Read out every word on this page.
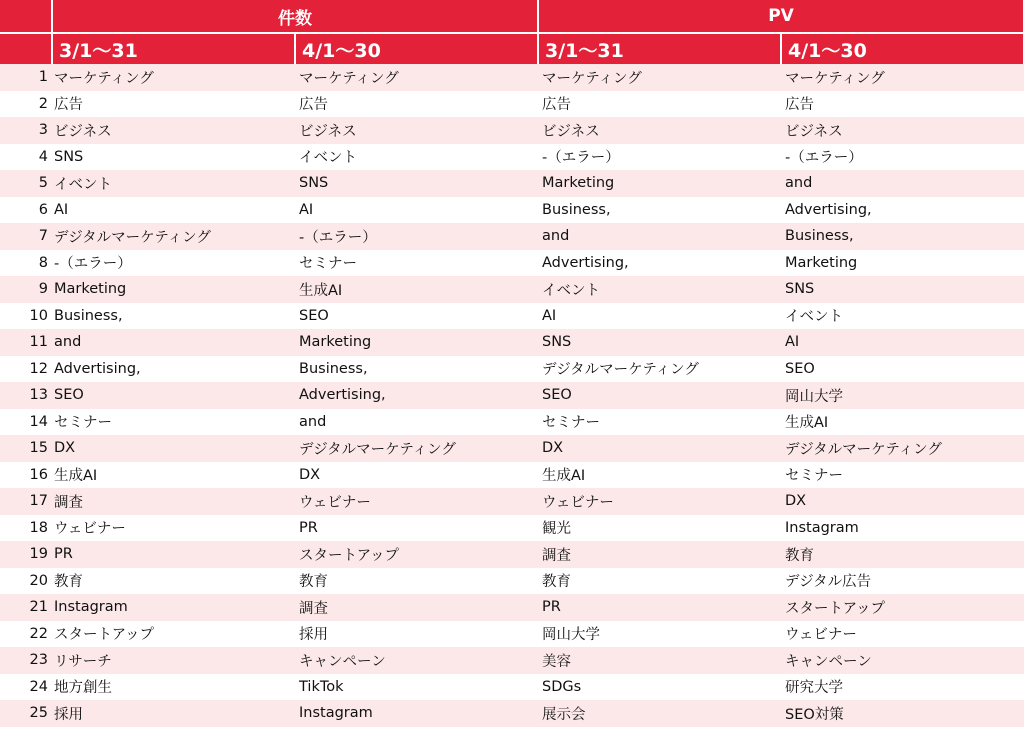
	件数		PV	
	3/1～31	4/1～30	3/1～31	4/1～30
1	マーケティング	マーケティング	マーケティング	マーケティング
2	広告	広告	広告	広告
3	ビジネス	ビジネス	ビジネス	ビジネス
4	SNS	イベント	-（エラー）	-（エラー）
5	イベント	SNS	Marketing	and
6	AI	AI	Business,	Advertising,
7	デジタルマーケティング	-（エラー）	and	Business,
8	-（エラー）	セミナー	Advertising,	Marketing
9	Marketing	生成AI	イベント	SNS
10	Business,	SEO	AI	イベント
11	and	Marketing	SNS	AI
12	Advertising,	Business,	デジタルマーケティング	SEO
13	SEO	Advertising,	SEO	岡山大学
14	セミナー	and	セミナー	生成AI
15	DX	デジタルマーケティング	DX	デジタルマーケティング
16	生成AI	DX	生成AI	セミナー
17	調査	ウェビナー	ウェビナー	DX
18	ウェビナー	PR	観光	Instagram
19	PR	スタートアップ	調査	教育
20	教育	教育	教育	デジタル広告
21	Instagram	調査	PR	スタートアップ
22	スタートアップ	採用	岡山大学	ウェビナー
23	リサーチ	キャンペーン	美容	キャンペーン
24	地方創生	TikTok	SDGs	研究大学
25	採用	Instagram	展示会	SEO対策
